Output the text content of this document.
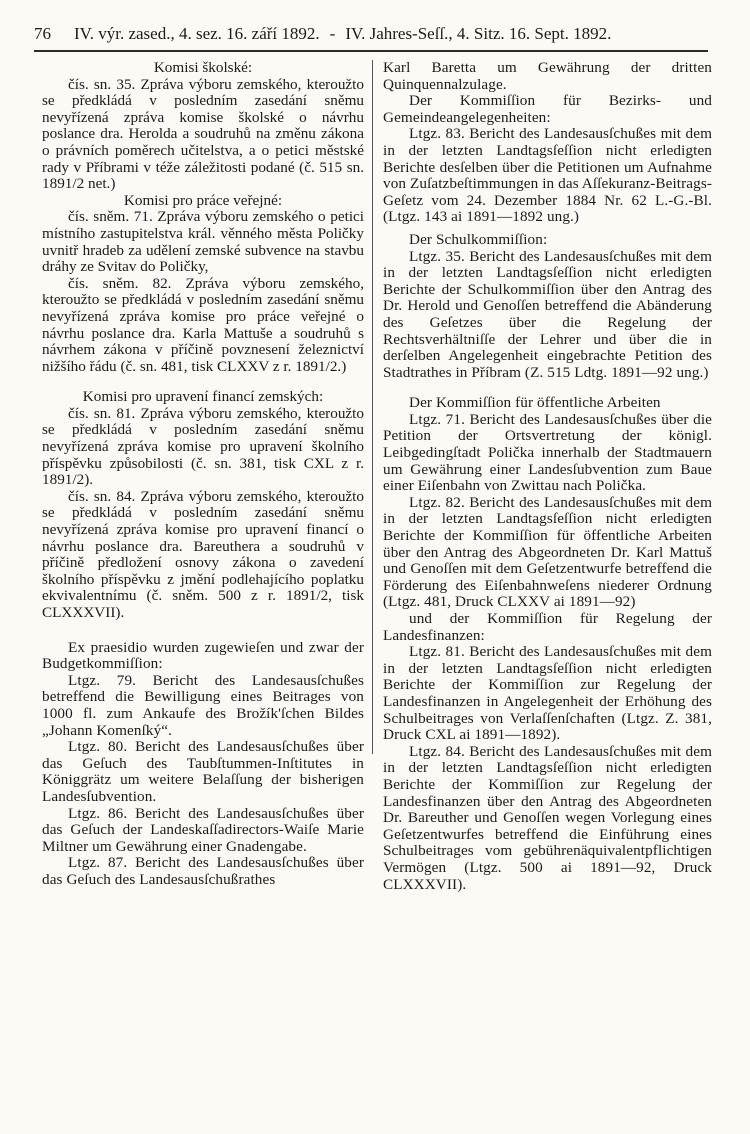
76	IV. výr. zased., 4. sez. 16. září 1892. - IV. Jahres-Seſſ., 4. Sitz. 16. Sept. 1892.

Komisi školské:

čís. sn. 35. Zpráva výboru zemského, kteroužto se předkládá v posledním zasedání sněmu nevyřízená zpráva komise školské o návrhu poslance dra. Herolda a soudruhů na změnu zákona o právních poměrech učitelstva, a o petici městské rady v Příbrami v téže záležitosti podané (č. 515 sn. 1891/2 net.)

Komisi pro práce veřejné:

čís. sněm. 71. Zpráva výboru zemského o petici místního zastupitelstva král. věnného města Poličky uvnitř hradeb za udělení zemské subvence na stavbu dráhy ze Svitav do Poličky,

čís. sněm. 82. Zpráva výboru zemského, kteroužto se předkládá v posledním zasedání sněmu nevyřízená zpráva komise pro práce veřejné o návrhu poslance dra. Karla Mattuše a soudruhů s návrhem zákona v příčině povznesení železnictví nižšího řádu (č. sn. 481, tisk CLXXV z r. 1891/2.)

Komisi pro upravení financí zemských:

čís. sn. 81. Zpráva výboru zemského, kteroužto se předkládá v posledním zasedání sněmu nevyřízená zpráva komise pro upravení školního příspěvku způsobilosti (č. sn. 381, tisk CXL z r. 1891/2).

čís. sn. 84. Zpráva výboru zemského, kteroužto se předkládá v posledním zasedání sněmu nevyřízená zpráva komise pro upravení financí o návrhu poslance dra. Bareuthera a soudruhů v příčině předložení osnovy zákona o zavedení školního příspěvku z jmění podlehajícího poplatku ekvivalentnímu (č. sněm. 500 z r. 1891/2, tisk CLXXXVII).

Ex praesidio wurden zugewieſen und zwar der Budgetkommiſſion:

Ltgz. 79. Bericht des Landesausſchußes betreffend die Bewilligung eines Beitrages von 1000 fl. zum Ankaufe des Brožík'ſchen Bildes „Johann Komenſký“.

Ltgz. 80. Bericht des Landesausſchußes über das Geſuch des Taubſtummen-Inſtitutes in Königgrätz um weitere Belaſſung der bisherigen Landesſubvention.

Ltgz. 86. Bericht des Landesausſchußes über das Geſuch der Landeskaſſadirectors-Waiſe Marie Miltner um Gewährung einer Gnadengabe.

Ltgz. 87. Bericht des Landesausſchußes über das Geſuch des Landesausſchußrathes

Karl Baretta um Gewährung der dritten Quinquennalzulage.

Der Kommiſſion für Bezirks- und Gemeindeangelegenheiten:

Ltgz. 83. Bericht des Landesausſchußes mit dem in der letzten Landtagsſeſſion nicht erledigten Berichte desſelben über die Petitionen um Aufnahme von Zuſatzbeſtimmungen in das Aſſekuranz-Beitrags-Geſetz vom 24. Dezember 1884 Nr. 62 L.-G.-Bl. (Ltgz. 143 ai 1891—1892 ung.)

Der Schulkommiſſion:

Ltgz. 35. Bericht des Landesausſchußes mit dem in der letzten Landtagsſeſſion nicht erledigten Berichte der Schulkommiſſion über den Antrag des Dr. Herold und Genoſſen betreffend die Abänderung des Geſetzes über die Regelung der Rechtsverhältniſſe der Lehrer und über die in derſelben Angelegenheit eingebrachte Petition des Stadtrathes in Příbram (Z. 515 Ldtg. 1891—92 ung.)

Der Kommiſſion für öffentliche Arbeiten

Ltgz. 71. Bericht des Landesausſchußes über die Petition der Ortsvertretung der königl. Leibgedingſtadt Polička innerhalb der Stadtmauern um Gewährung einer Landesſubvention zum Baue einer Eiſenbahn von Zwittau nach Polička.

Ltgz. 82. Bericht des Landesausſchußes mit dem in der letzten Landtagsſeſſion nicht erledigten Berichte der Kommiſſion für öffentliche Arbeiten über den Antrag des Abgeordneten Dr. Karl Mattuš und Genoſſen mit dem Geſetzentwurfe betreffend die Förderung des Eiſenbahnweſens niederer Ordnung (Ltgz. 481, Druck CLXXV ai 1891—92)

und der Kommiſſion für Regelung der Landesfinanzen:

Ltgz. 81. Bericht des Landesausſchußes mit dem in der letzten Landtagsſeſſion nicht erledigten Berichte der Kommiſſion zur Regelung der Landesfinanzen in Angelegenheit der Erhöhung des Schulbeitrages von Verlaſſenſchaften (Ltgz. Z. 381, Druck CXL ai 1891—1892).

Ltgz. 84. Bericht des Landesausſchußes mit dem in der letzten Landtagsſeſſion nicht erledigten Berichte der Kommiſſion zur Regelung der Landesfinanzen über den Antrag des Abgeordneten Dr. Bareuther und Genoſſen wegen Vorlegung eines Geſetzentwurfes betreffend die Einführung eines Schulbeitrages vom gebührenäquivalentpflichtigen Vermögen (Ltgz. 500 ai 1891—92, Druck CLXXXVII).
